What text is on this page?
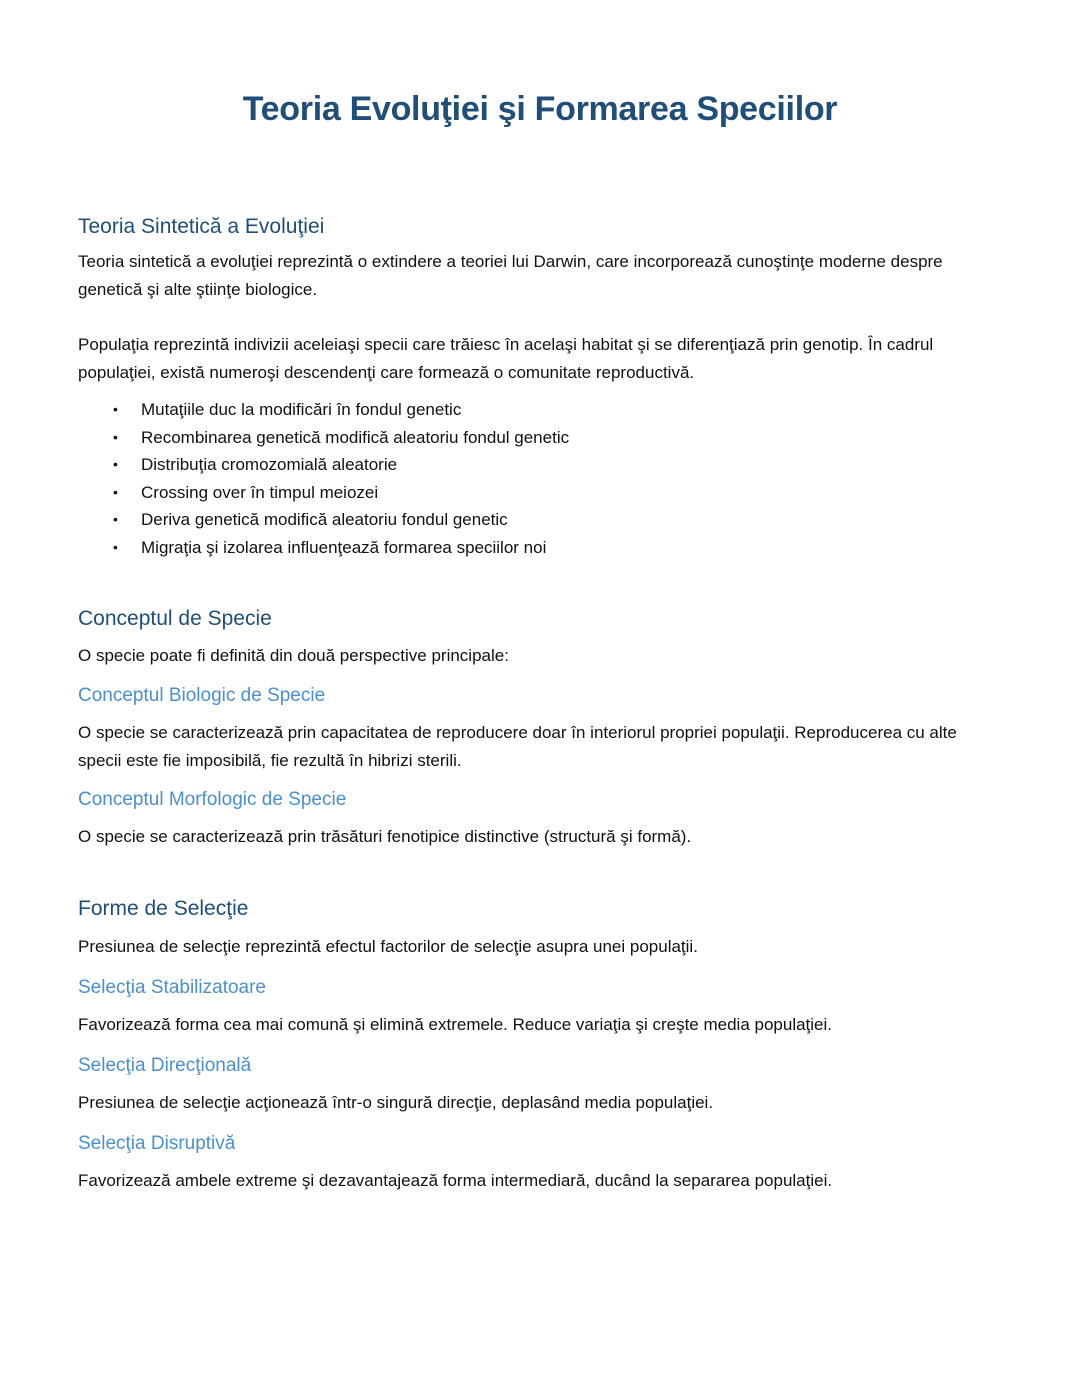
Teoria Evoluţiei şi Formarea Speciilor
Teoria Sintetică a Evoluţiei

Teoria sintetică a evoluţiei reprezintă o extindere a teoriei lui Darwin, care incorporează cunoştinţe moderne despre genetică şi alte ştiinţe biologice.

Populaţia reprezintă indivizii aceleiaşi specii care trăiesc în acelaşi habitat şi se diferenţiază prin genotip. În cadrul populaţiei, există numeroşi descendenţi care formează o comunitate reproductivă.

• Mutaţiile duc la modificări în fondul genetic
• Recombinarea genetică modifică aleatoriu fondul genetic
• Distribuţia cromozomială aleatorie
• Crossing over în timpul meiozei
• Deriva genetică modifică aleatoriu fondul genetic
• Migraţia şi izolarea influenţează formarea speciilor noi
Conceptul de Specie

O specie poate fi definită din două perspective principale:

Conceptul Biologic de Specie

O specie se caracterizează prin capacitatea de reproducere doar în interiorul propriei populaţii. Reproducerea cu alte specii este fie imposibilă, fie rezultă în hibrizi sterili.

Conceptul Morfologic de Specie

O specie se caracterizează prin trăsături fenotipice distinctive (structură şi formă).

Forme de Selecţie

Presiunea de selecţie reprezintă efectul factorilor de selecţie asupra unei populaţii.

Selecţia Stabilizatoare

Favorizează forma cea mai comună şi elimină extremele. Reduce variaţia şi creşte media populaţiei.

Selecţia Direcţională

Presiunea de selecţie acţionează într-o singură direcţie, deplasând media populaţiei.

Selecţia Disruptivă

Favorizează ambele extreme şi dezavantajează forma intermediară, ducând la separarea populaţiei.
